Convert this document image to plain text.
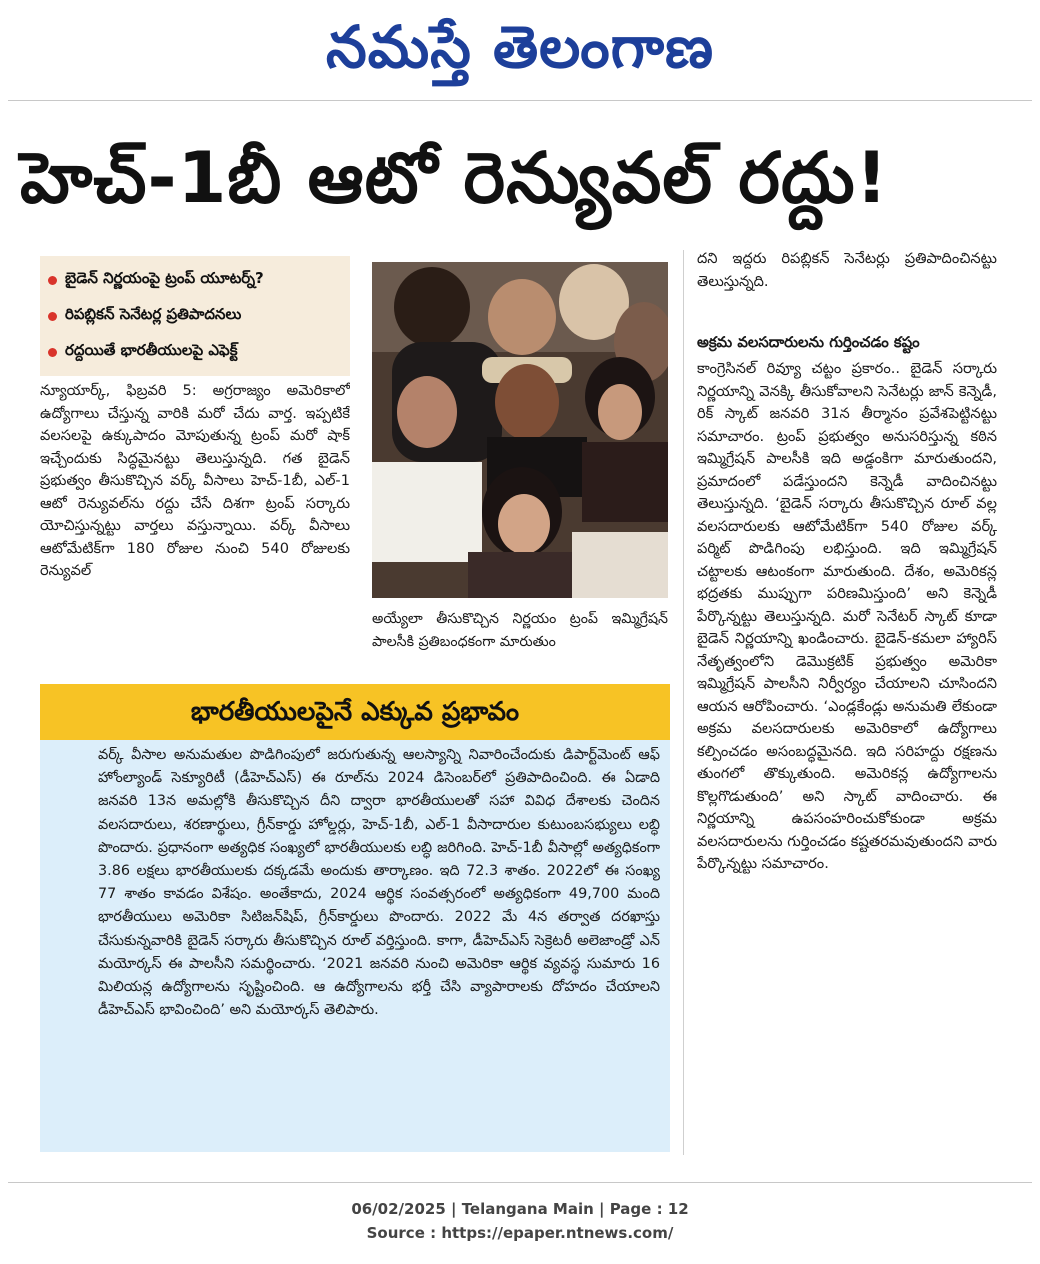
నమస్తే తెలంగాణ
హెచ్-1బీ ఆటో రెన్యువల్ రద్దు!
బైడెన్ నిర్ణయంపై ట్రంప్ యూటర్న్?
రిపబ్లికన్ సెనేటర్ల ప్రతిపాదనలు
రద్దయితే భారతీయులపై ఎఫెక్ట్
న్యూయార్క్, ఫిబ్రవరి 5: అగ్రరాజ్యం అమెరికాలో ఉద్యోగాలు చేస్తున్న వారికి మరో చేదు వార్త. ఇప్పటికే వలసలపై ఉక్కుపాదం మోపుతున్న ట్రంప్ మరో షాక్ ఇచ్చేందుకు సిద్ధమైనట్టు తెలుస్తున్నది. గత బైడెన్ ప్రభుత్వం తీసుకొచ్చిన వర్క్ వీసాలు హెచ్-1బీ, ఎల్-1 ఆటో రెన్యువల్‌ను రద్దు చేసే దిశగా ట్రంప్ సర్కారు యోచిస్తున్నట్టు వార్తలు వస్తున్నాయి. వర్క్ వీసాలు ఆటోమేటిక్‌గా 180 రోజుల నుంచి 540 రోజులకు రెన్యువల్
అయ్యేలా తీసుకొచ్చిన నిర్ణయం ట్రంప్ ఇమ్మిగ్రేషన్ పాలసీకి ప్రతిబంధకంగా మారుతుం
దని ఇద్దరు రిపబ్లికన్ సెనేటర్లు ప్రతిపాదించినట్టు తెలుస్తున్నది.
అక్రమ వలసదారులను గుర్తించడం కష్టం
కాంగ్రెసినల్ రివ్యూ చట్టం ప్రకారం.. బైడెన్ సర్కారు నిర్ణయాన్ని వెనక్కి తీసుకోవాలని సెనేటర్లు జాన్ కెన్నెడీ, రిక్ స్కాట్ జనవరి 31న తీర్మానం ప్రవేశపెట్టినట్టు సమాచారం. ట్రంప్ ప్రభుత్వం అనుసరిస్తున్న కఠిన ఇమ్మిగ్రేషన్ పాలసీకి ఇది అడ్డంకిగా మారుతుందని, ప్రమాదంలో పడేస్తుందని కెన్నెడీ వాదించినట్టు తెలుస్తున్నది. ‘బైడెన్ సర్కారు తీసుకొచ్చిన రూల్ వల్ల వలసదారులకు ఆటోమేటిక్‌గా 540 రోజుల వర్క్ పర్మిట్ పొడిగింపు లభిస్తుంది. ఇది ఇమ్మిగ్రేషన్ చట్టాలకు ఆటంకంగా మారుతుంది. దేశం, అమెరికన్ల భద్రతకు ముప్పుగా పరిణమిస్తుంది’ అని కెన్నెడీ పేర్కొన్నట్టు తెలుస్తున్నది. మరో సెనేటర్ స్కాట్ కూడా బైడెన్ నిర్ణయాన్ని ఖండించారు. బైడెన్-కమలా హ్యారిస్ నేతృత్వంలోని డెమొక్రటిక్ ప్రభుత్వం అమెరికా ఇమ్మిగ్రేషన్ పాలసీని నిర్వీర్యం చేయాలని చూసిందని ఆయన ఆరోపించారు. ‘ఎండ్లకేండ్లు అనుమతి లేకుండా అక్రమ వలసదారులకు అమెరికాలో ఉద్యోగాలు కల్పించడం అసంబద్ధమైనది. ఇది సరిహద్దు రక్షణను తుంగలో తొక్కుతుంది. అమెరికన్ల ఉద్యోగాలను కొల్లగొడుతుంది’ అని స్కాట్ వాదించారు. ఈ నిర్ణయాన్ని ఉపసంహరించుకోకుండా అక్రమ వలసదారులను గుర్తించడం కష్టతరమవుతుందని వారు పేర్కొన్నట్టు సమాచారం.
భారతీయులపైనే ఎక్కువ ప్రభావం
వర్క్ వీసాల అనుమతుల పొడిగింపులో జరుగుతున్న ఆలస్యాన్ని నివారించేందుకు డిపార్ట్‌మెంట్ ఆఫ్ హోంల్యాండ్ సెక్యూరిటీ (డీహెచ్ఎస్) ఈ రూల్‌ను 2024 డిసెంబర్‌లో ప్రతిపాదించింది. ఈ ఏడాది జనవరి 13న అమల్లోకి తీసుకొచ్చిన దీని ద్వారా భారతీయులతో సహా వివిధ దేశాలకు చెందిన వలసదారులు, శరణార్థులు, గ్రీన్‌కార్డు హోల్డర్లు, హెచ్-1బీ, ఎల్-1 వీసాదారుల కుటుంబసభ్యులు లబ్ధి పొందారు. ప్రధానంగా అత్యధిక సంఖ్యలో భారతీయులకు లబ్ధి జరిగింది. హెచ్-1బీ వీసాల్లో అత్యధికంగా 3.86 లక్షలు భారతీయులకు దక్కడమే అందుకు తార్కాణం. ఇది 72.3 శాతం. 2022లో ఈ సంఖ్య 77 శాతం కావడం విశేషం. అంతేకాదు, 2024 ఆర్థిక సంవత్సరంలో అత్యధికంగా 49,700 మంది భారతీయులు అమెరికా సిటిజన్‌షిప్, గ్రీన్‌కార్డులు పొందారు. 2022 మే 4న తర్వాత దరఖాస్తు చేసుకున్నవారికి బైడెన్ సర్కారు తీసుకొచ్చిన రూల్ వర్తిస్తుంది. కాగా, డీహెచ్ఎస్ సెక్రెటరీ అలెజాండ్రో ఎన్ మయోర్కస్ ఈ పాలసీని సమర్థించారు. ‘2021 జనవరి నుంచి అమెరికా ఆర్థిక వ్యవస్థ సుమారు 16 మిలియన్ల ఉద్యోగాలను సృష్టించింది. ఆ ఉద్యోగాలను భర్తీ చేసి వ్యాపారాలకు దోహదం చేయాలని డీహెచ్ఎస్ భావించింది’ అని మయోర్కస్ తెలిపారు.
06/02/2025 | Telangana Main | Page : 12
Source : https://epaper.ntnews.com/
